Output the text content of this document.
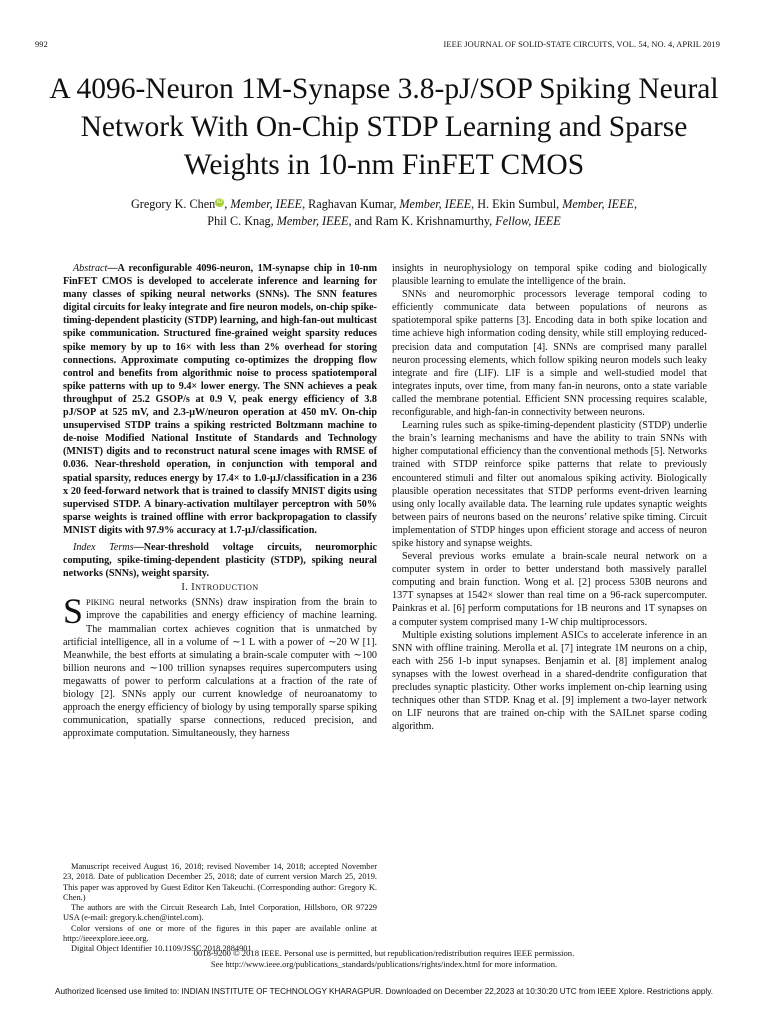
992	IEEE JOURNAL OF SOLID-STATE CIRCUITS, VOL. 54, NO. 4, APRIL 2019
A 4096-Neuron 1M-Synapse 3.8-pJ/SOP Spiking Neural Network With On-Chip STDP Learning and Sparse Weights in 10-nm FinFET CMOS
Gregory K. Chen iD , Member, IEEE, Raghavan Kumar, Member, IEEE, H. Ekin Sumbul, Member, IEEE,
Phil C. Knag, Member, IEEE, and Ram K. Krishnamurthy, Fellow, IEEE

Abstract—A reconfigurable 4096-neuron, 1M-synapse chip in 10-nm FinFET CMOS is developed to accelerate inference and learning for many classes of spiking neural networks (SNNs). The SNN features digital circuits for leaky integrate and fire neuron models, on-chip spike-timing-dependent plasticity (STDP) learning, and high-fan-out multicast spike communication. Structured fine-grained weight sparsity reduces spike memory by up to 16× with less than 2% overhead for storing connections. Approximate computing co-optimizes the dropping flow control and benefits from algorithmic noise to process spatiotemporal spike patterns with up to 9.4× lower energy. The SNN achieves a peak throughput of 25.2 GSOP/s at 0.9 V, peak energy efficiency of 3.8 pJ/SOP at 525 mV, and 2.3-μW/neuron operation at 450 mV. On-chip unsupervised STDP trains a spiking restricted Boltzmann machine to de-noise Modified National Institute of Standards and Technology (MNIST) digits and to reconstruct natural scene images with RMSE of 0.036. Near-threshold operation, in conjunction with temporal and spatial sparsity, reduces energy by 17.4× to 1.0-μJ/classification in a 236 x 20 feed-forward network that is trained to classify MNIST digits using supervised STDP. A binary-activation multilayer perceptron with 50% sparse weights is trained offline with error backpropagation to classify MNIST digits with 97.9% accuracy at 1.7-μJ/classification.

Index Terms—Near-threshold voltage circuits, neuromorphic computing, spike-timing-dependent plasticity (STDP), spiking neural networks (SNNs), weight sparsity.

I. INTRODUCTION

SPIKING neural networks (SNNs) draw inspiration from the brain to improve the capabilities and energy efficiency of machine learning. The mammalian cortex achieves cognition that is unmatched by artificial intelligence, all in a volume of ∼1 L with a power of ∼20 W [1]. Meanwhile, the best efforts at simulating a brain-scale computer with ∼100 billion neurons and ∼100 trillion synapses requires supercomputers using megawatts of power to perform calculations at a fraction of the rate of biology [2]. SNNs apply our current knowledge of neuroanatomy to approach the energy efficiency of biology by using temporally sparse spiking communication, spatially sparse connections, reduced precision, and approximate computation. Simultaneously, they harness

insights in neurophysiology on temporal spike coding and biologically plausible learning to emulate the intelligence of the brain.

SNNs and neuromorphic processors leverage temporal coding to efficiently communicate data between populations of neurons as spatiotemporal spike patterns [3]. Encoding data in both spike location and time achieve high information coding density, while still employing reduced-precision data and computation [4]. SNNs are comprised many parallel neuron processing elements, which follow spiking neuron models such leaky integrate and fire (LIF). LIF is a simple and well-studied model that integrates inputs, over time, from many fan-in neurons, onto a state variable called the membrane potential. Efficient SNN processing requires scalable, reconfigurable, and high-fan-in connectivity between neurons.

Learning rules such as spike-timing-dependent plasticity (STDP) underlie the brain’s learning mechanisms and have the ability to train SNNs with higher computational efficiency than the conventional methods [5]. Networks trained with STDP reinforce spike patterns that relate to previously encountered stimuli and filter out anomalous spiking activity. Biologically plausible operation necessitates that STDP performs event-driven learning using only locally available data. The learning rule updates synaptic weights between pairs of neurons based on the neurons’ relative spike timing. Circuit implementation of STDP hinges upon efficient storage and access of neuron spike history and synapse weights.

Several previous works emulate a brain-scale neural network on a computer system in order to better understand both massively parallel computing and brain function. Wong et al. [2] process 530B neurons and 137T synapses at 1542× slower than real time on a 96-rack supercomputer. Painkras et al. [6] perform computations for 1B neurons and 1T synapses on a computer system comprised many 1-W chip multiprocessors.

Multiple existing solutions implement ASICs to accelerate inference in an SNN with offline training. Merolla et al. [7] integrate 1M neurons on a chip, each with 256 1-b input synapses. Benjamin et al. [8] implement analog synapses with the lowest overhead in a shared-dendrite configuration that precludes synaptic plasticity. Other works implement on-chip learning using techniques other than STDP. Knag et al. [9] implement a two-layer network on LIF neurons that are trained on-chip with the SAILnet sparse coding algorithm.

Manuscript received August 16, 2018; revised November 14, 2018; accepted November 23, 2018. Date of publication December 25, 2018; date of current version March 25, 2019. This paper was approved by Guest Editor Ken Takeuchi. (Corresponding author: Gregory K. Chen.)

The authors are with the Circuit Research Lab, Intel Corporation, Hillsboro, OR 97229 USA (e-mail: gregory.k.chen@intel.com).

Color versions of one or more of the figures in this paper are available online at http://ieeexplore.ieee.org.

Digital Object Identifier 10.1109/JSSC.2018.2884901

0018-9200 © 2018 IEEE. Personal use is permitted, but republication/redistribution requires IEEE permission.
See http://www.ieee.org/publications_standards/publications/rights/index.html for more information.
Authorized licensed use limited to: INDIAN INSTITUTE OF TECHNOLOGY KHARAGPUR. Downloaded on December 22,2023 at 10:30:20 UTC from IEEE Xplore. Restrictions apply.
